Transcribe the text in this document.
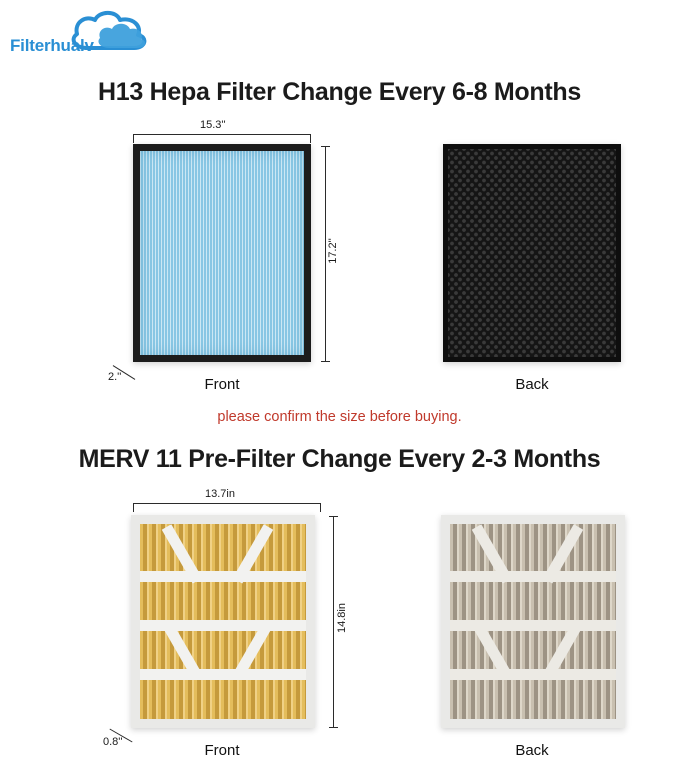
Filterhualv
H13 Hepa Filter Change Every 6-8 Months
15.3''
17.2''
2.''	Front	Back
please confirm the size before buying.
MERV 11 Pre-Filter Change Every 2-3 Months
13.7in
14.8in
0.8''	Front	Back
